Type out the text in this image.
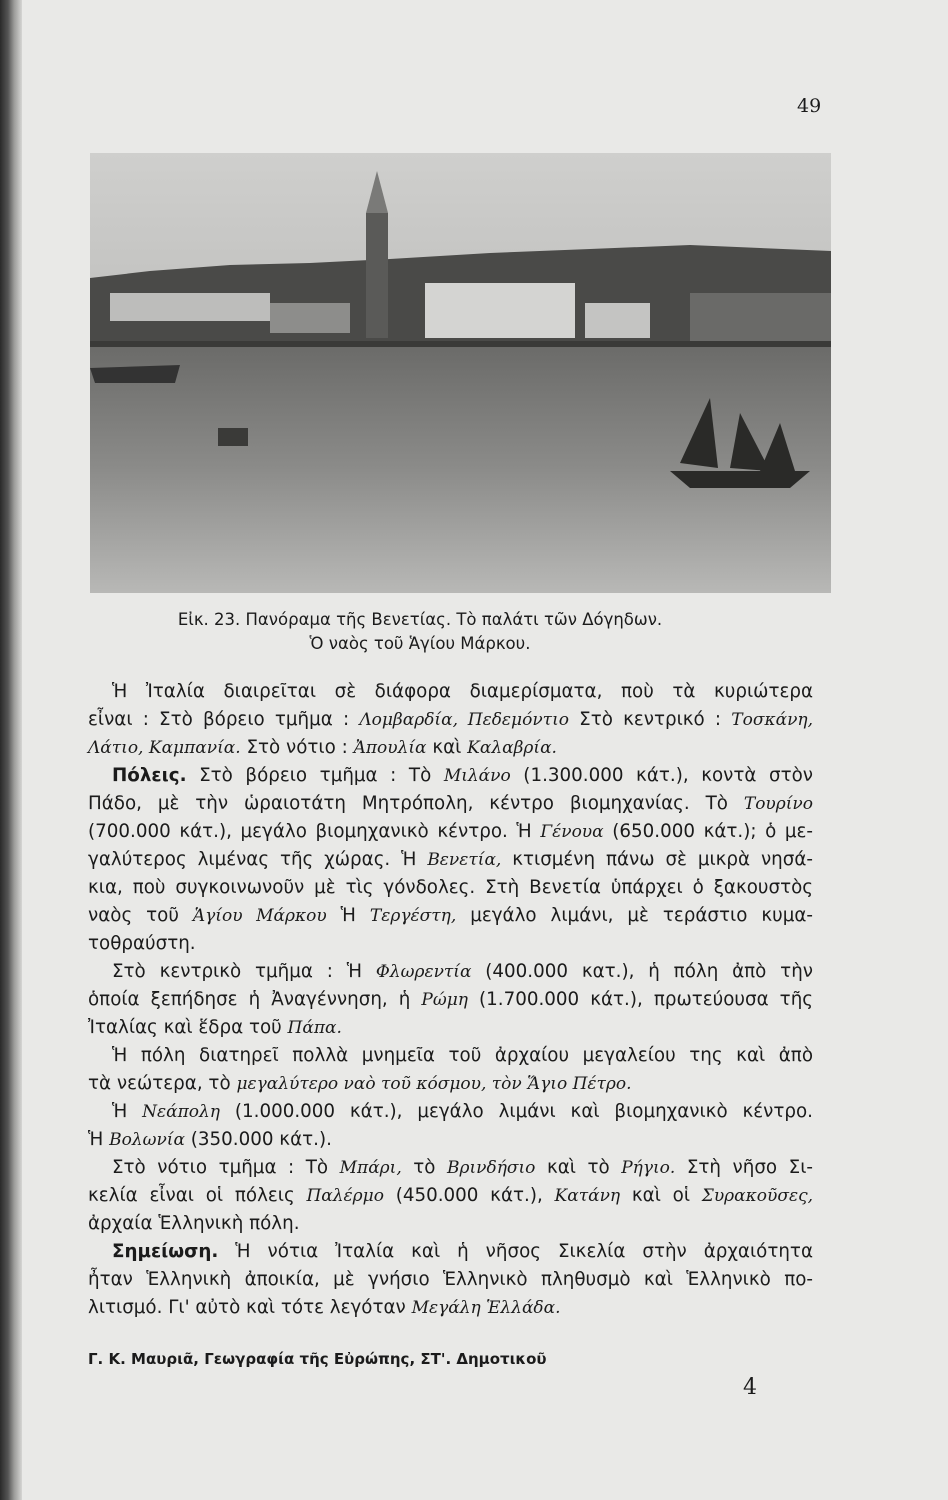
49
Εἰκ. 23. Πανόραμα τῆς Βενετίας. Τὸ παλάτι τῶν Δόγηδων.
Ὁ ναὸς τοῦ Ἁγίου Μάρκου.
Ἡ Ἰταλία διαιρεῖται σὲ διάφορα διαμερίσματα, ποὺ τὰ κυριώτερα
εἶναι : Στὸ βόρειο τμῆμα : Λομβαρδία, Πεδεμόντιο Στὸ κεντρικό : Τοσκάνη,
Λάτιο, Καμπανία. Στὸ νότιο : Ἀπουλία καὶ Καλαβρία.
Πόλεις. Στὸ βόρειο τμῆμα : Τὸ Μιλάνο (1.300.000 κάτ.), κοντὰ στὸν
Πάδο, μὲ τὴν ὡραιοτάτη Μητρόπολη, κέντρο βιομηχανίας. Τὸ Τουρίνο
(700.000 κάτ.), μεγάλο βιομηχανικὸ κέντρο. Ἡ Γένουα (650.000 κάτ.); ὁ με-
γαλύτερος λιμένας τῆς χώρας. Ἡ Βενετία, κτισμένη πάνω σὲ μικρὰ νησά-
κια, ποὺ συγκοινωνοῦν μὲ τὶς γόνδολες. Στὴ Βενετία ὑπάρχει ὁ ξακουστὸς
ναὸς τοῦ Ἁγίου Μάρκου Ἡ Τεργέστη, μεγάλο λιμάνι, μὲ τεράστιο κυμα-
τοθραύστη.
Στὸ κεντρικὸ τμῆμα : Ἡ Φλωρεντία (400.000 κατ.), ἡ πόλη ἀπὸ τὴν
ὁποία ξεπήδησε ἡ Ἀναγέννηση, ἡ Ρώμη (1.700.000 κάτ.), πρωτεύουσα τῆς
Ἰταλίας καὶ ἕδρα τοῦ Πάπα.
Ἡ πόλη διατηρεῖ πολλὰ μνημεῖα τοῦ ἀρχαίου μεγαλείου της καὶ ἀπὸ
τὰ νεώτερα, τὸ μεγαλύτερο ναὸ τοῦ κόσμου, τὸν Ἅγιο Πέτρο.
Ἡ Νεάπολη (1.000.000 κάτ.), μεγάλο λιμάνι καὶ βιομηχανικὸ κέντρο.
Ἡ Βολωνία (350.000 κάτ.).
Στὸ νότιο τμῆμα : Τὸ Μπάρι, τὸ Βρινδήσιο καὶ τὸ Ρήγιο. Στὴ νῆσο Σι-
κελία εἶναι οἱ πόλεις Παλέρμο (450.000 κάτ.), Κατάνη καὶ οἱ Συρακοῦσες,
ἀρχαία Ἑλληνικὴ πόλη.
Σημείωση. Ἡ νότια Ἰταλία καὶ ἡ νῆσος Σικελία στὴν ἀρχαιότητα
ἦταν Ἑλληνικὴ ἀποικία, μὲ γνήσιο Ἑλληνικὸ πληθυσμὸ καὶ Ἑλληνικὸ πο-
λιτισμό. Γι' αὐτὸ καὶ τότε λεγόταν Μεγάλη Ἑλλάδα.
Γ. Κ. Μαυριᾶ, Γεωγραφία τῆς Εὐρώπης, ΣΤ'. Δημοτικοῦ
4
